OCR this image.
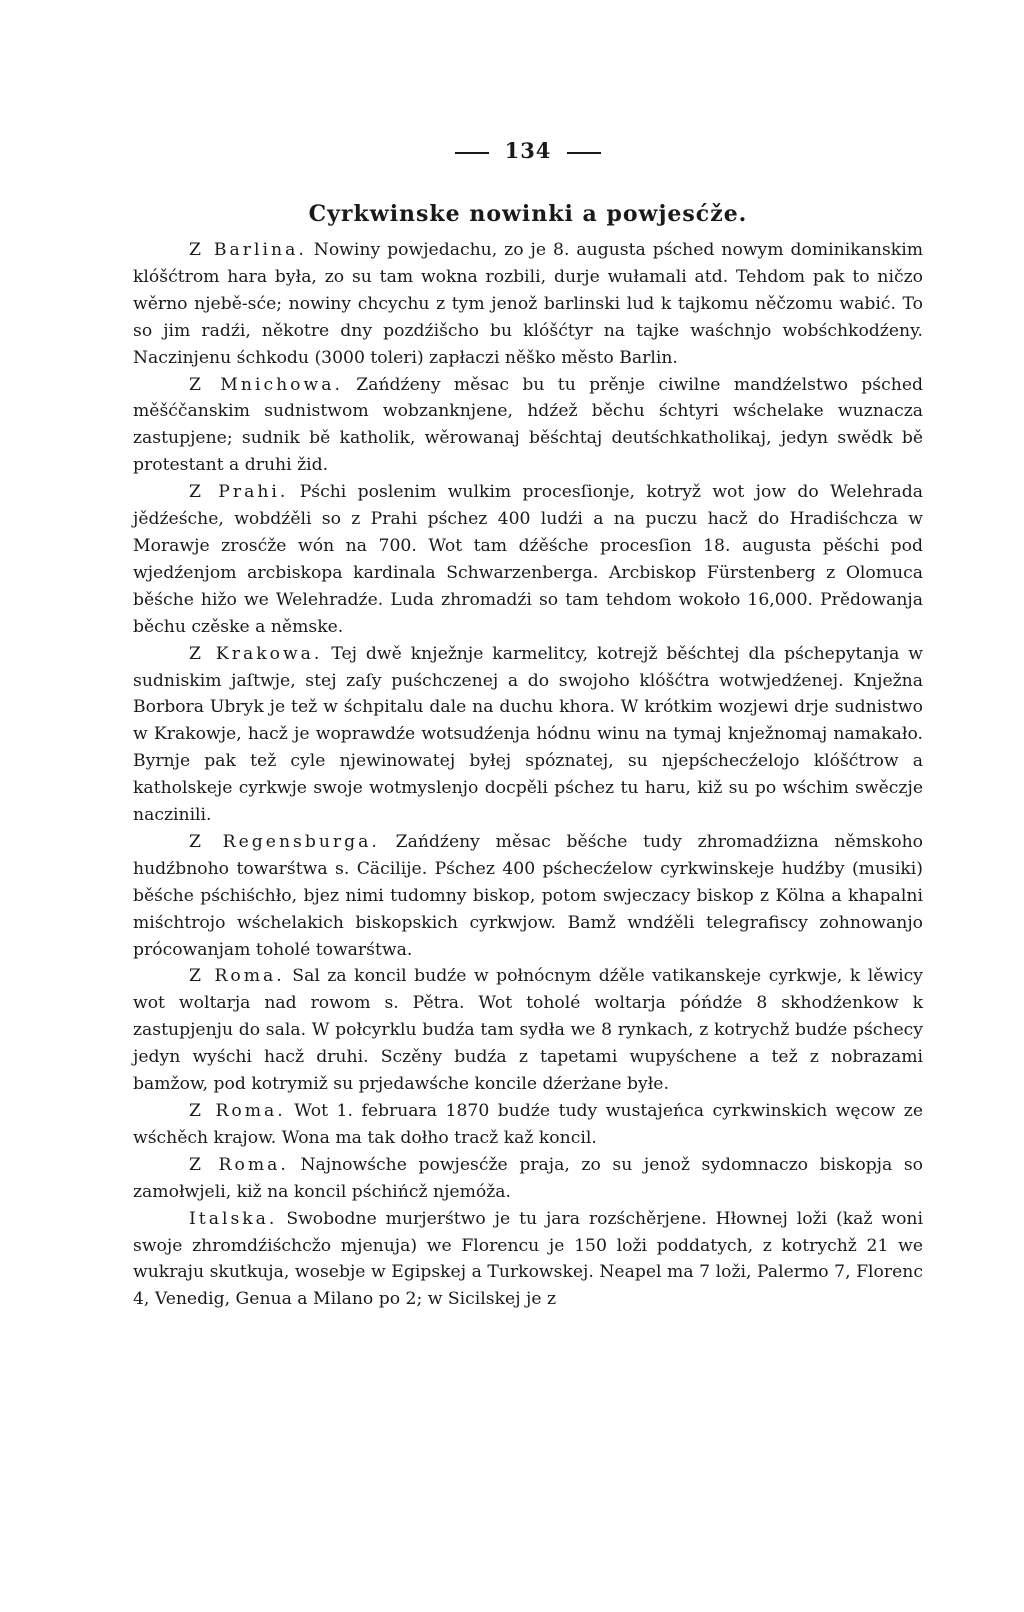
134
Cyrkwinske nowinki a powjesćže.

Z Barlina. Nowiny powjedachu, zo je 8. augusta pśched nowym dominikanskim klóšćtrom hara była, zo su tam wokna rozbili, durje wułamali atd. Tehdom pak to ničzo wěrno njebě-sće; nowiny chcychu z tym jenož barlinski lud k tajkomu něčzomu wabić. To so jim radźi, někotre dny pozdźišcho bu klóšćtyr na tajke waśchnjo wobśchkodźeny. Naczinjenu śchkodu (3000 toleri) zapłaczi něško město Barlin.

Z Mnichowa. Zańdźeny měsac bu tu prěnje ciwilne mandźelstwo pśched měšćčanskim sudnistwom wobzanknjene, hdźež běchu śchtyri wśchelake wuznacza zastupjene; sudnik bě katholik, wěrowanaj běśchtaj deutśchkatholikaj, jedyn swědk bě protestant a druhi žid.

Z Prahi. Pśchi poslenim wulkim procesſionje, kotryž wot jow do Welehrada jědźeśche, wobdźěli so z Prahi pśchez 400 ludźi a na puczu hacž do Hradiśchcza w Morawje zrosćže wón na 700. Wot tam dźěśche procesſion 18. augusta pěśchi pod wjedźenjom arcbiskopa kardinala Schwarzenberga. Arcbiskop Fürstenberg z Olomuca běśche hižo we Welehradźe. Luda zhromadźi so tam tehdom wokoło 16,000. Prědowanja běchu czěske a němske.

Z Krakowa. Tej dwě knježnje karmelitcy, kotrejž běśchtej dla pśchepytanja w sudniskim jaſtwje, stej zaſy puśchczenej a do swojoho klóšćtra wotwjedźenej. Knježna Borbora Ubryk je tež w śchpitalu dale na duchu khora. W krótkim wozjewi drje sudnistwo w Krakowje, hacž je woprawdźe wotsudźenja hódnu winu na tymaj knježnomaj namakało. Byrnje pak tež cyle njewinowatej byłej spóznatej, su njepśchecźelojo klóšćtrow a katholskeje cyrkwje swoje wotmyslenjo docpěli pśchez tu haru, kiž su po wśchim swěczje naczinili.

Z Regensburga. Zańdźeny měsac běśche tudy zhromadźizna němskoho hudźbnoho towarśtwa s. Cäcilije. Pśchez 400 pśchecźelow cyrkwinskeje hudźby (musiki) běśche pśchiśchło, bjez nimi tudomny biskop, potom swjeczacy biskop z Kölna a khapalni miśchtrojo wśchelakich biskopskich cyrkwjow. Bamž wndźěli telegrafiscy zohnowanjo prócowanjam toholé towarśtwa.

Z Roma. Sal za koncil budźe w połnócnym dźěle vatikanskeje cyrkwje, k lěwicy wot woltarja nad rowom s. Pětra. Wot toholé woltarja póńdźe 8 skhodźenkow k zastupjenju do sala. W połcyrklu budźa tam sydła we 8 rynkach, z kotrychž budźe pśchecy jedyn wyśchi hacž druhi. Sczěny budźa z tapetami wupyśchene a tež z nobrazami bamžow, pod kotrymiž su prjedawśche koncile dźerżane byłe.

Z Roma. Wot 1. februara 1870 budźe tudy wustajeńca cyrkwinskich węcow ze wśchěch krajow. Wona ma tak dołho tracž kaž koncil.

Z Roma. Najnowśche powjesćže praja, zo su jenož sydomnaczo biskopja so zamołwjeli, kiž na koncil pśchińcž njemóža.

Italska. Swobodne murjerśtwo je tu jara rozśchěrjene. Hłownej loži (kaž woni swoje zhromdźiśchcžo mjenuja) we Florencu je 150 loži poddatych, z kotrychž 21 we wukraju skutkuja, wosebje w Egipskej a Turkowskej. Neapel ma 7 loži, Palermo 7, Florenc 4, Venedig, Genua a Milano po 2; w Sicilskej je z
